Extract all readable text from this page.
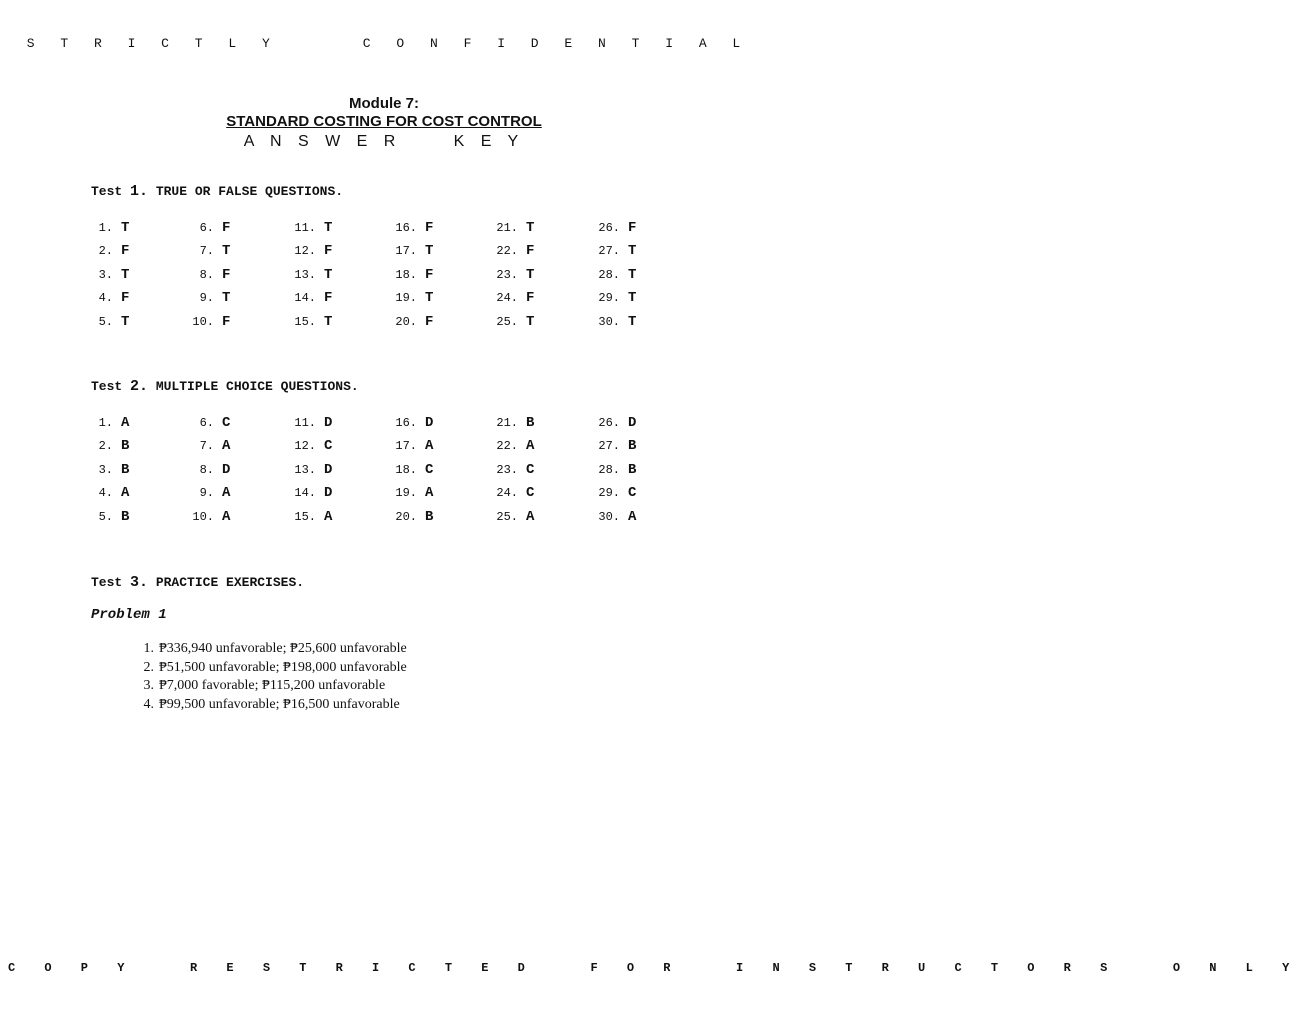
S T R I C T L Y     C O N F I D E N T I A L
Module 7:
STANDARD COSTING FOR COST CONTROL
A N S W E R     K E Y
Test 1. TRUE OR FALSE QUESTIONS.
1. T
2. F
3. T
4. F
5. T
6. F
7. T
8. F
9. T
10. F
11. T
12. F
13. T
14. F
15. T
16. F
17. T
18. F
19. T
20. F
21. T
22. F
23. T
24. F
25. T
26. F
27. T
28. T
29. T
30. T
Test 2. MULTIPLE CHOICE QUESTIONS.
1. A
2. B
3. B
4. A
5. B
6. C
7. A
8. D
9. A
10. A
11. D
12. C
13. D
14. D
15. A
16. D
17. A
18. C
19. A
20. B
21. B
22. A
23. C
24. C
25. A
26. D
27. B
28. B
29. C
30. A
Test 3. PRACTICE EXERCISES.
Problem 1
1. ₱336,940 unfavorable; ₱25,600 unfavorable
2. ₱51,500 unfavorable; ₱198,000 unfavorable
3. ₱7,000 favorable; ₱115,200 unfavorable
4. ₱99,500 unfavorable; ₱16,500 unfavorable
C O P Y   R E S T R I C T E D   F O R   I N S T R U C T O R S   O N L Y
